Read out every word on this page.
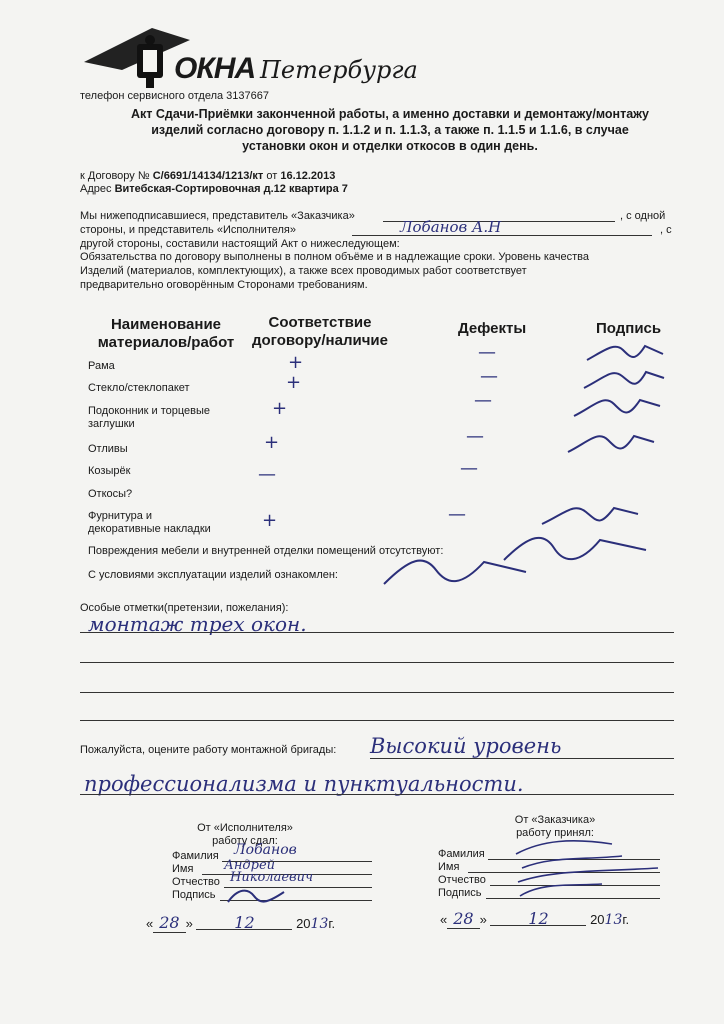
ОКНА Петербурга
телефон сервисного отдела 3137667
Акт Сдачи-Приёмки законченной работы, а именно доставки и демонтажу/монтажу
изделий согласно договору п. 1.1.2 и п. 1.1.3, а также п. 1.1.5 и 1.1.6, в случае
установки окон и отделки откосов в один день.
к Договору № С/6691/14134/1213/кт от 16.12.2013
Адрес Витебская-Сортировочная д.12 квартира 7
Мы нижеподписавшиеся, представитель «Заказчика»	, с одной
стороны, и представитель «Исполнителя»	Лобанов А.Н	, с
другой стороны, составили настоящий Акт о нижеследующем:
Обязательства по договору выполнены в полном объёме и в надлежащие сроки. Уровень качества
Изделий (материалов, комплектующих), а также всех проводимых работ соответствует
предварительно оговорённым Сторонами требованиям.
Наименование
материалов/работ
Соответствие
договору/наличие
Дефекты	Подпись
Рама	+	—
Стекло/стеклопакет	+	—
Подоконник и торцевые
заглушки
+	—
Отливы	+	—
Козырёк	—	—
Откосы?
Фурнитура и
декоративные накладки	+	—
Повреждения мебели и внутренней отделки помещений отсутствуют:
С условиями эксплуатации изделий ознакомлен:
Особые отметки(претензии, пожелания):
монтаж трех окон.
Пожалуйста, оцените работу монтажной бригады: Высокий уровень
профессионализма и пунктуальности.
От «Исполнителя»
работу сдал:
Фамилия Лобанов
Имя Андрей
Отчество Николаевич
Подпись
« 28 »	12	2013г.
От «Заказчика»
работу принял:
Фамилия
Имя
Отчество
Подпись
« 28 »	12	2013г.
